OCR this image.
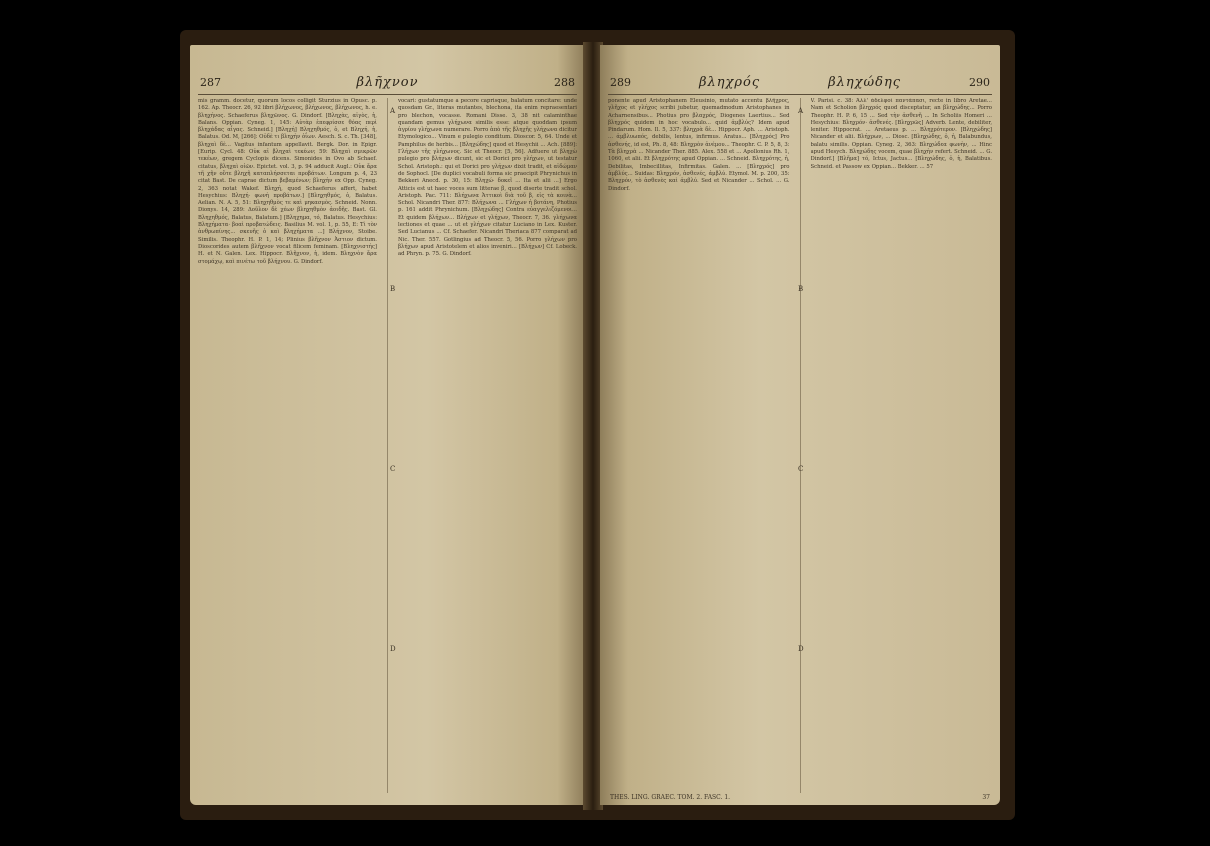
287	βλῆχνον	288

mis gramm. docetur, quorum locos colligit Sturzius in Opusc. p. 162. Ap. Theocr. 26, 92 libri βλήχωνος, βλήχωνος, βλήχωνος, h. e. βληχήνος. Schaeferus βληχῶνος. G. Dindorf. [Βληχὰς, αἰγὸς, ἡ, Balans. Oppian. Cyneg. 1, 145: Αὐτὰρ ἐπεφρίσσε θόας περὶ βληχάδας αἶγας. Schneid.] [Βληχή] Βληχηθμός, ὁ, et Βληχή, ἡ, Balatus. Od. M, [266]: Οὐδὲ τι βληχὴν ὀΐων. Aesch. S. c. Th. [348], βληχαὶ δὲ... Vagitus infantum appellavit. Bergk. Dor. in Epigr. [Eurip. Cycl. 48: Οὐκ αἰ βληχαὶ τεκέων; 59: Βληχαὶ σμικρῶν τεκέων, gregem Cyclopis dicens. Simonides in Ovo ab Schaef. citatus, βληχαὶ οἰῶν. Epictet. vol. 3, p. 94 adducit Augl.: Οὐκ ἄρα τῆ χῆν οὔτε βληχῆ καταπλήσσεται προβάτων. Longum p. 4, 23 citat Bast. De caprae dictum βεβαμένων; βληχὴν ex Opp. Cyneg. 2, 363 notat Wakef. Βληχή, quod Schaeferus affert, habet Hesychius: Βληχή· φωνὴ προβάτων.] [Βληχηθμός, ὁ, Balatus. Aelian. N. A. 5, 51: Βληχηθμὸς τε καὶ μηκασμὸς. Schneid. Nonn. Dionys. 14, 289: Δοῦλον δὲ χέων βληχηθμὸν ἀοιδῆς. Bast. Gl. Βληχηθμός, Balatus, Balatum.] [Βληχημα, τό, Balatus. Hesychius: Βληχήματα· βοαὶ προβατώδεις. Basilius M. vol. 1, p. 55, E: Τὶ τὸν ἀνθρωπίνης... σκευῆς ὁ καὶ βληχήματα ...] Βλήχνον, Stoibe. Similis. Theophr. H. P. 1, 14; Plinius βλῆχνον Ἀστιον dictum. Dioscorides autem βλῆχνον vocat filicem feminam. [Βληχνιστής] H. et N. Galen. Lex. Hippocr. Βλῆχνον, ἡ, idem. Βληχνὸν ἄρα στομάχῳ, καὶ πινέτω τοῦ βλήχνου. G. Dindorf.

vocari: gustatumque a pecore caprisque, balatum concitare: unde quosdam Gr., literas mutantes, blechona, ita enim repraesentari pro blechon, vocasse. Romani Disse. 3, 38 nit calaminthae quandam gemus γλήχωνα similis esse: atque quoddam ipsum ἀγρίου γλήχωνα numerare. Porro ἀπὸ τῆς βληχῆς γλήχωνα dicitur Etymologico... Vinum e pulegio conditum. Dioscor. 5, 64. Unde et Pamphilus de herbis... [Βληχώδης] quod et Hesychii ... Ach. [889]: Γλήχων τῆς γλήχωνος. Sic et Theocr. [5, 56]. Adfuere ut βληχὼ pulegio pro βλήχων dicunt, sic et Dorici pro γλήχων, ut testatur Schol. Aristoph.: qui et Dorici pro γλήχων dixit tradit, et αἰδώμαν de Sophocl. [De duplici vocabuli forma sic praecipit Phrynichus in Bekkeri Anecd. p. 30, 15: Βληχώ· δοκεῖ ... Ita et alii ...] Ergo Atticis est ut haec voces sum litterae β, quod diserte tradit schol. Aristoph. Pac. 711: Βλήχωνα Ἀττικοὶ διὰ τοῦ β, εἰς τὰ κοινὰ... Schol. Nicandri Ther. 877: Βλήχωνα ... Γλήχων ἡ βοτάνη, Photius p. 161 addit Phrynichum. [Βληχώδης] Contra εὐαγγελιζόμενοι... Et quidem βλήχων... Βλήχων et γλήχων, Theocr. 7, 36. γλήχωνα lectiones et quae ... ut et γλήχων citatur Luciano in Lex. Kuster. Sed Lucianus ... Cf. Schaefer. Nicandri Theriaca 877 comparat ad Nic. Ther. 557. Gotlingius ad Theocr. 5, 56. Porro γλήχων pro βλήχων apud Aristotelem et alios inveniri... [Βλήχων] Cf. Lobeck. ad Phryn. p. 75. G. Dindorf.

A
B
C
D
289	βληχρός	βληχώδης	290

ponente apud Aristophanem Eleusinio, mutato accentu βλῆχρος, γλῆχος et γλήχος scribi jubetur, quemadmodum Aristophanes in Acharnensibus... Photius pro βλαχρός, Diogenes Laertius... Sed βληχρός quidem in hoc vocabulo... quid ἀμβλύς? Idem apud Pindarum. Hom. Il. 5, 337: βληχρὰ δὲ... Hippocr. Aph. ... Aristoph. ... ἀμβλυωπός, debilis, lentus, infirmus. Aratus... [Βληχρός] Pro ἀσθενής, id est, Ph. 8, 48: Βληχρὸν ἀνέμου... Theophr. C. P. 5, 8, 3: Τὰ βληχρὰ ... Nicander Ther. 885. Alex. 558 et ... Apollonius Rh. 1, 1060, et alii. Et βληχρότης apud Oppian. ... Schneid. Βληχρότης, ἡ, Debilitas, Imbecillitas, Infirmitas. Galen. ... [Βληχρός] pro ἀμβλύς... Suidas: Βληχρόν, ἀσθενές, ἀμβλύ. Etymol. M. p. 200, 35: Βληχρόν, τὸ ἀσθενὲς καὶ ἀμβλύ. Sed et Nicander ... Schol. ... G. Dindorf.

V. Parisi. c. 38: Ἀλλ' ἀδελφοὶ παντάπασι, recte in libro Aretae... Nam et Scholion βληχρός quod disceptatur, an βληχώδης... Porro Theophr. H. P. 6, 15 ... Sed τὴν ἀσθενῆ ... In Scholiis Homeri ... Hesychius: Βληχρόν· ἀσθενές. [Βληχρῶς] Adverb. Lente, debiliter, leniter. Hippocrat. ... Aretaeus p. ... Βληχρότερον. [Βληχώδης] Nicander et alii. Βλήχρων, ... Diosc. [Βληχώδης, ὁ, ἡ, Balabundus, balatu similis. Oppian. Cyneg. 2, 363: Βληχώδεα φωνὴν, ... Hinc apud Hesych. Βληχώδης vocem, quae βληχὴν refert. Schneid. ... G. Dindorf.] [Βλῆμα] τό, Ictus, Jactus... [Βληχώδης, ὁ, ἡ, Balatibus. Schneid. et Passow ex Oppian... Bekker. ... 57

A
B
C
D
THES. LING. GRAEC. TOM. 2. FASC. 1.	37
